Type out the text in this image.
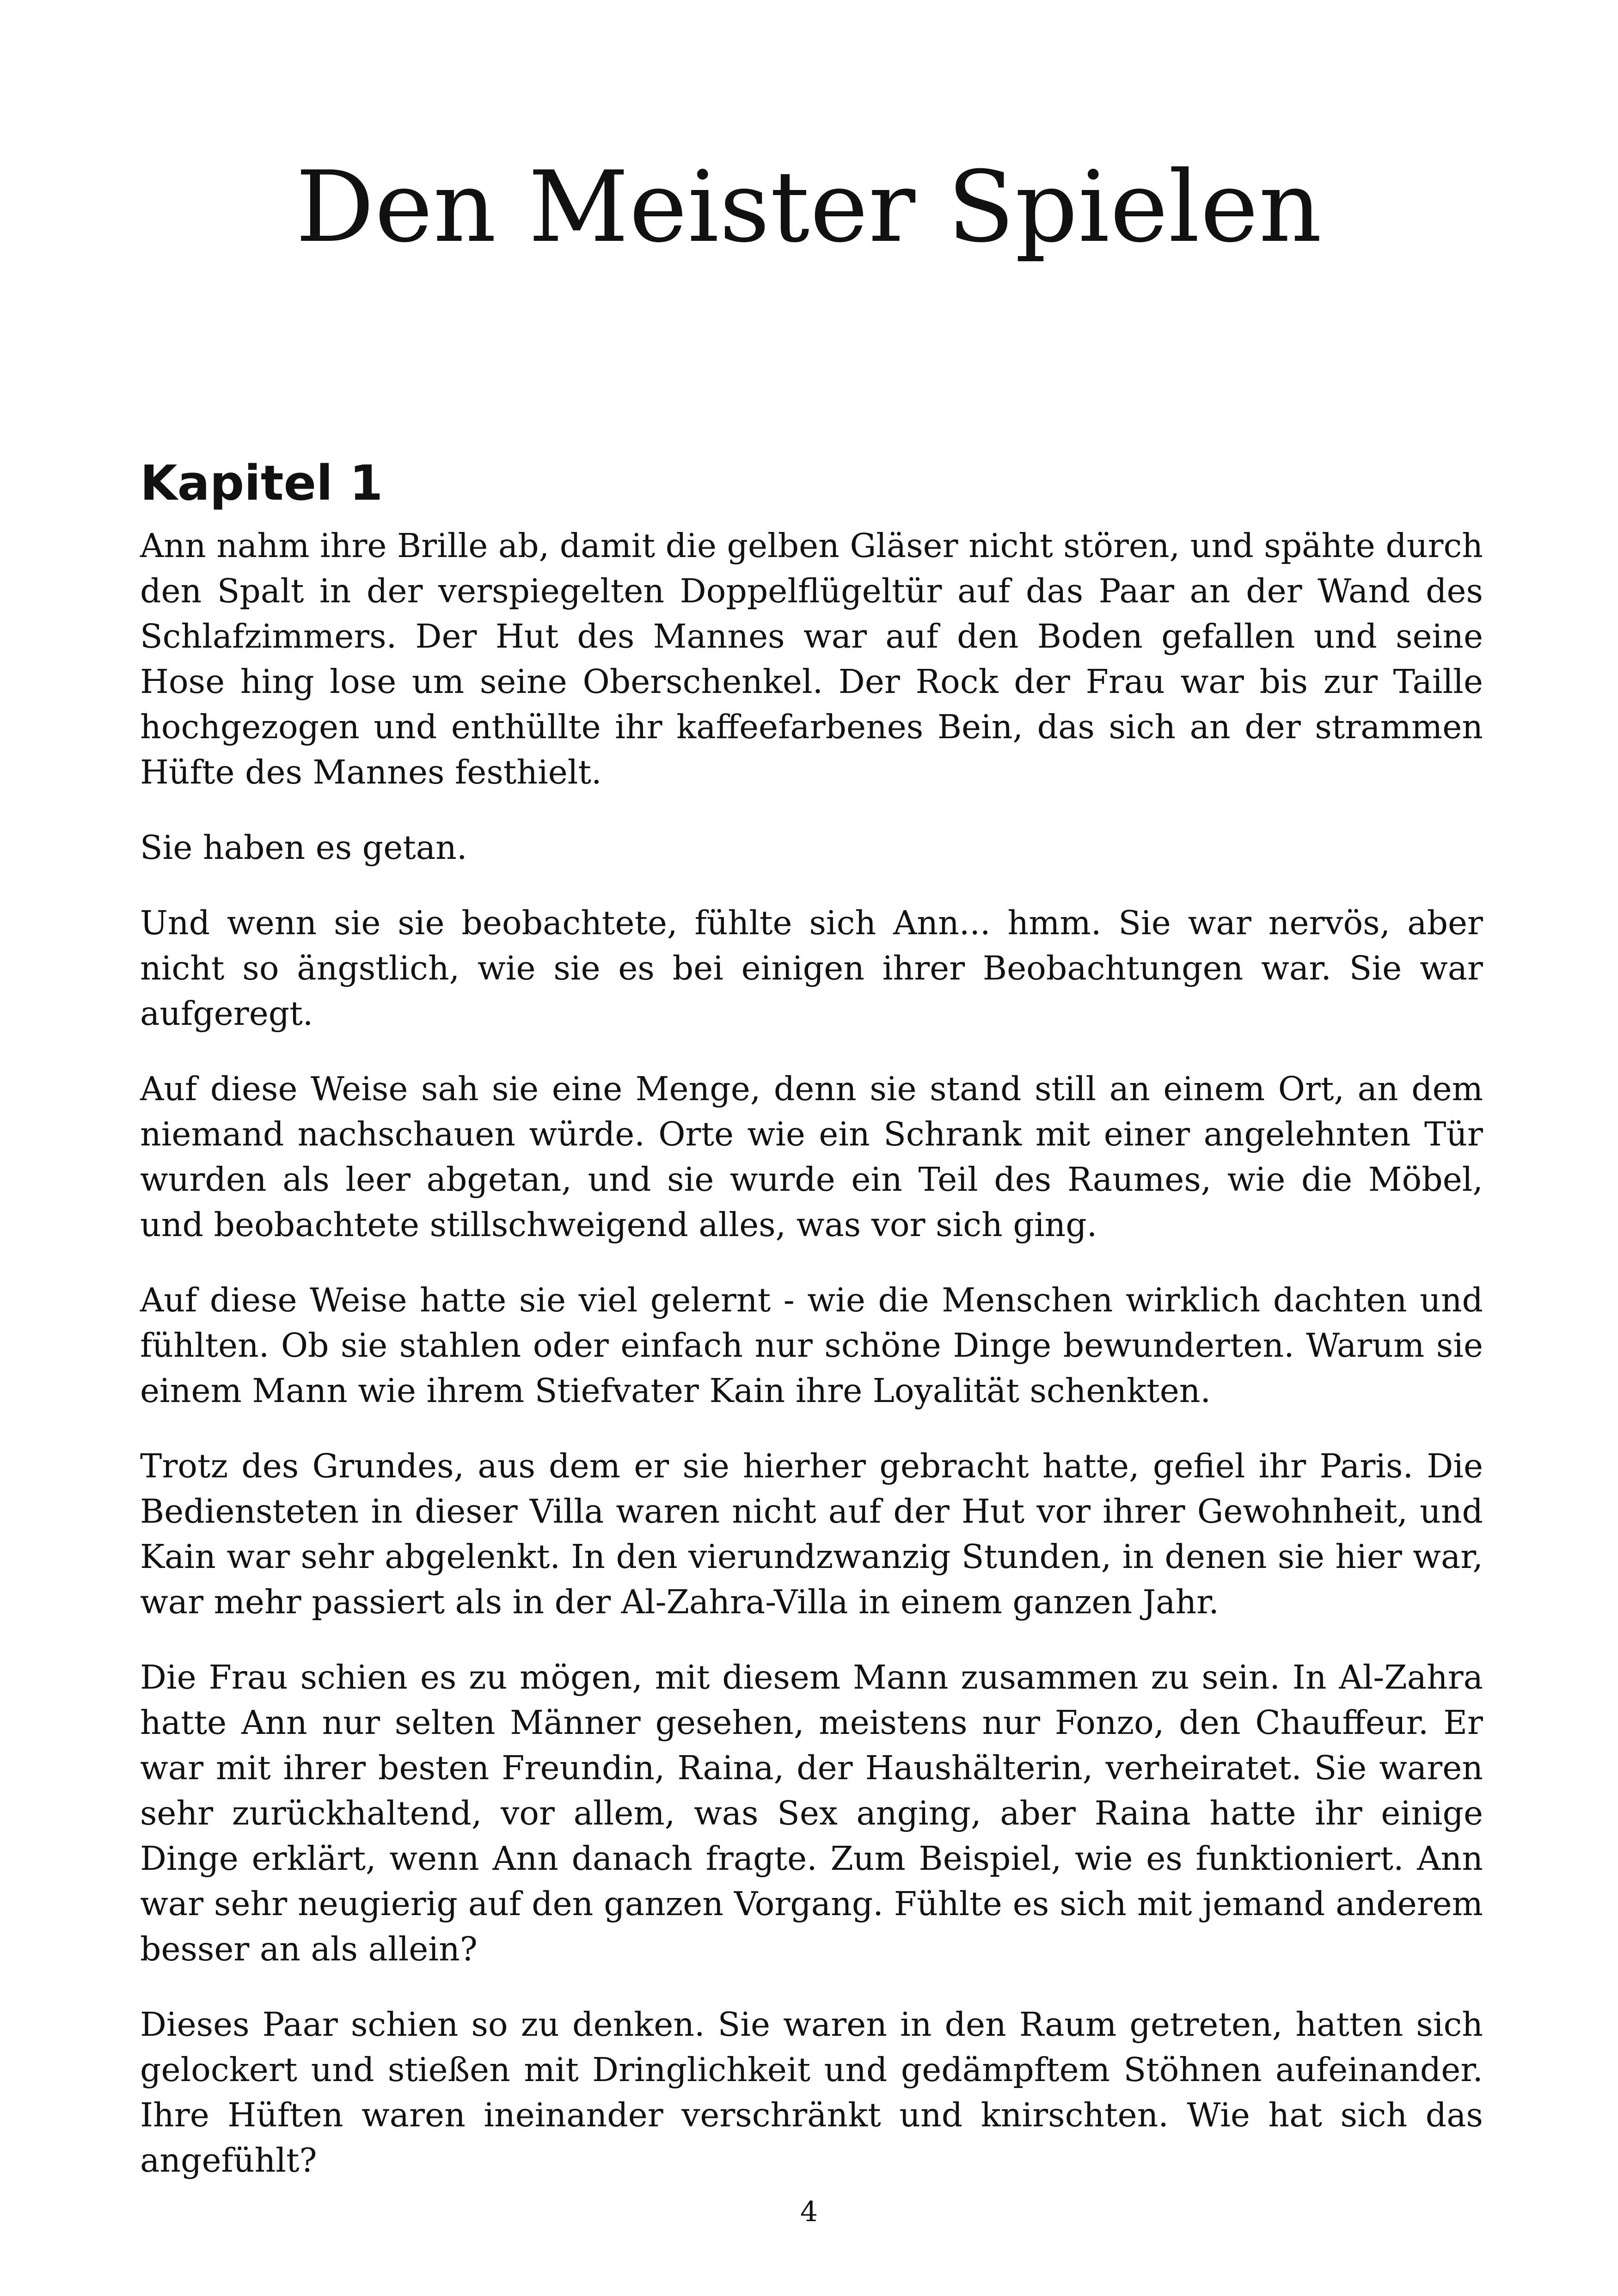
Den Meister Spielen
Kapitel 1

Ann nahm ihre Brille ab, damit die gelben Gläser nicht stören, und spähte durch den Spalt in der verspiegelten Doppelflügeltür auf das Paar an der Wand des Schlafzimmers. Der Hut des Mannes war auf den Boden gefallen und seine Hose hing lose um seine Oberschenkel. Der Rock der Frau war bis zur Taille hochgezogen und enthüllte ihr kaffeefarbenes Bein, das sich an der strammen Hüfte des Mannes festhielt.

Sie haben es getan.

Und wenn sie sie beobachtete, fühlte sich Ann... hmm. Sie war nervös, aber nicht so ängstlich, wie sie es bei einigen ihrer Beobachtungen war. Sie war aufgeregt.

Auf diese Weise sah sie eine Menge, denn sie stand still an einem Ort, an dem niemand nachschauen würde. Orte wie ein Schrank mit einer angelehnten Tür wurden als leer abgetan, und sie wurde ein Teil des Raumes, wie die Möbel, und beobachtete stillschweigend alles, was vor sich ging.

Auf diese Weise hatte sie viel gelernt - wie die Menschen wirklich dachten und fühlten. Ob sie stahlen oder einfach nur schöne Dinge bewunderten. Warum sie einem Mann wie ihrem Stiefvater Kain ihre Loyalität schenkten.

Trotz des Grundes, aus dem er sie hierher gebracht hatte, gefiel ihr Paris. Die Bediensteten in dieser Villa waren nicht auf der Hut vor ihrer Gewohnheit, und Kain war sehr abgelenkt. In den vierundzwanzig Stunden, in denen sie hier war, war mehr passiert als in der Al-Zahra-Villa in einem ganzen Jahr.

Die Frau schien es zu mögen, mit diesem Mann zusammen zu sein. In Al-Zahra hatte Ann nur selten Männer gesehen, meistens nur Fonzo, den Chauffeur. Er war mit ihrer besten Freundin, Raina, der Haushälterin, verheiratet. Sie waren sehr zurückhaltend, vor allem, was Sex anging, aber Raina hatte ihr einige Dinge erklärt, wenn Ann danach fragte. Zum Beispiel, wie es funktioniert. Ann war sehr neugierig auf den ganzen Vorgang. Fühlte es sich mit jemand anderem besser an als allein?

Dieses Paar schien so zu denken. Sie waren in den Raum getreten, hatten sich gelockert und stießen mit Dringlichkeit und gedämpftem Stöhnen aufeinander. Ihre Hüften waren ineinander verschränkt und knirschten. Wie hat sich das angefühlt?

4
